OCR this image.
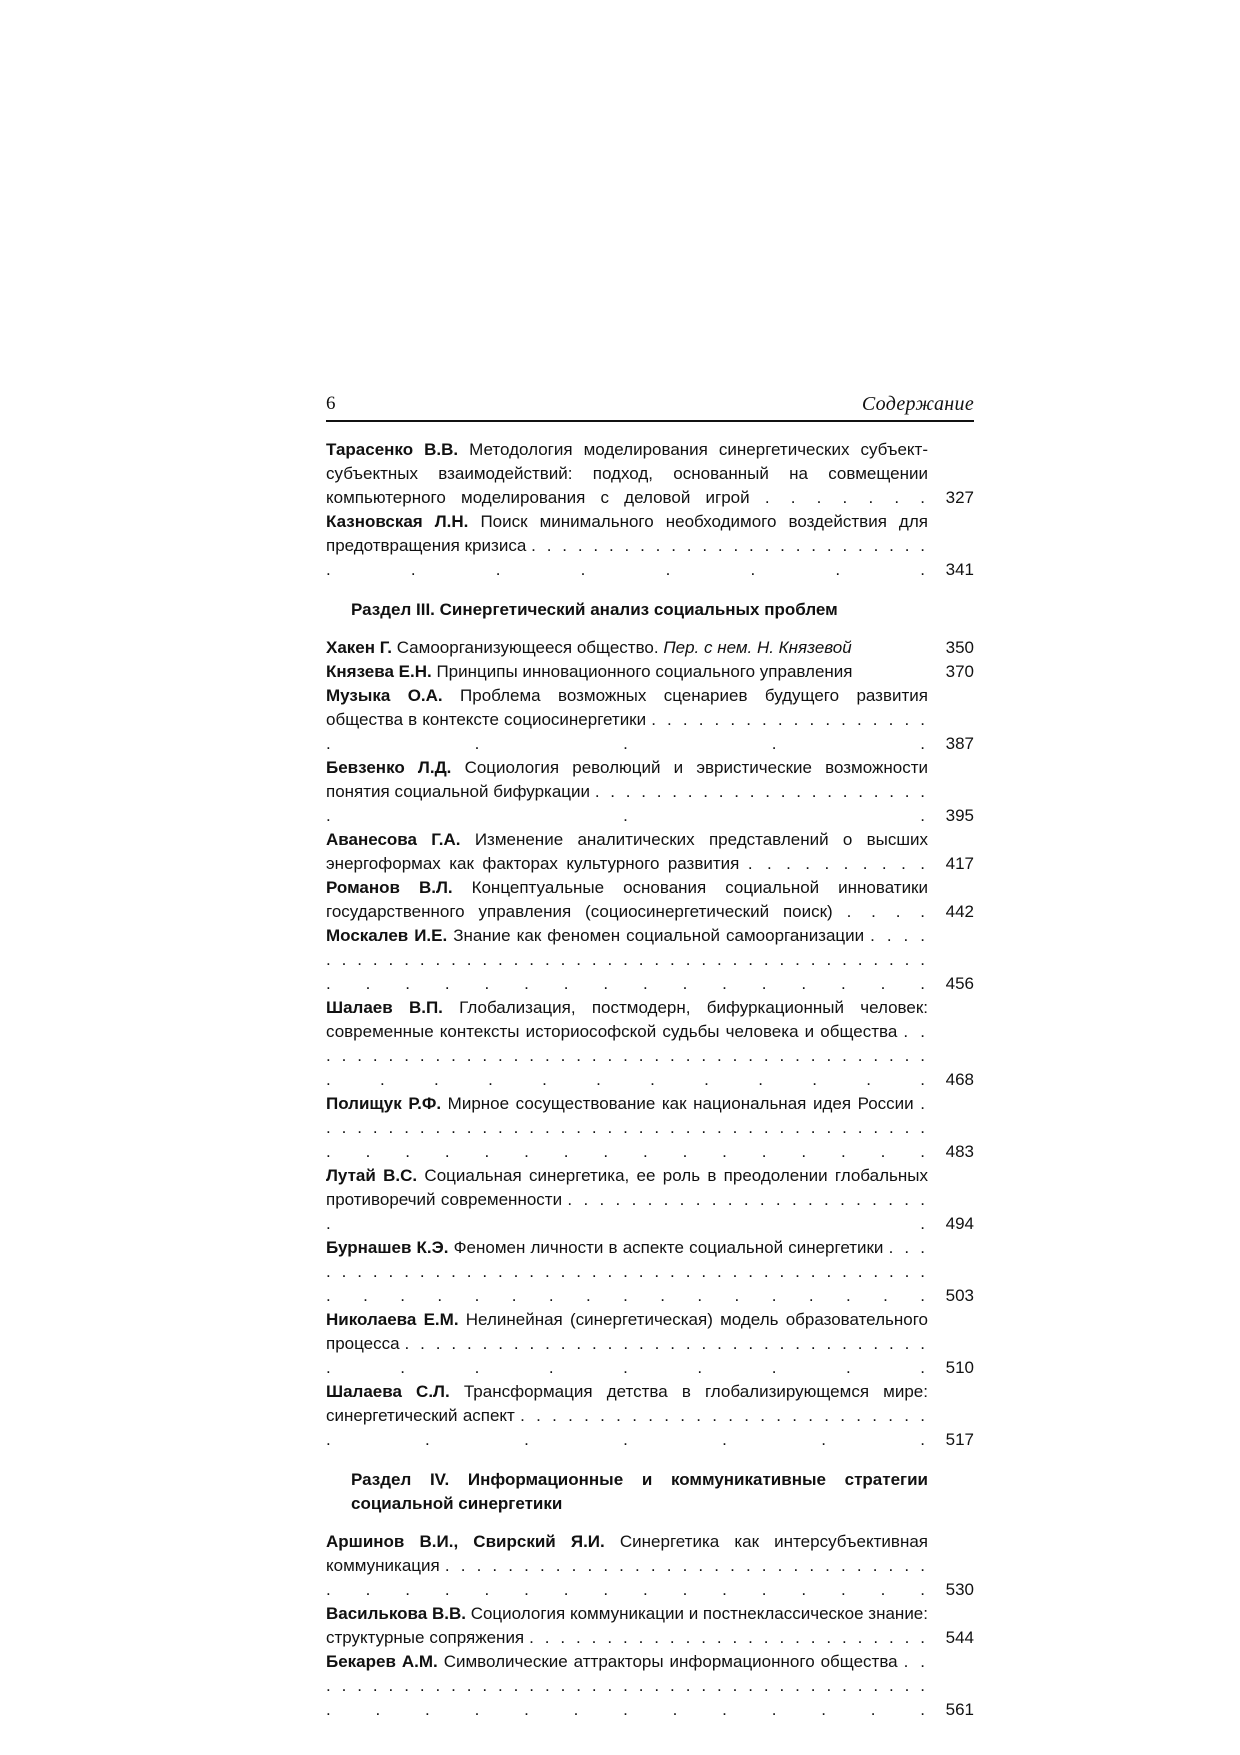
6	Содержание
Тарасенко В.В. Методология моделирования синергетических субъект-субъектных взаимодействий: подход, основанный на совмещении компьютерного моделирования с деловой игрой . . . . . . . 327
Казновская Л.Н. Поиск минимального необходимого воздействия для предотвращения кризиса . . . . . . . . . . . . . . . . . . . . . . . . . . . . . . . . . . 341
Раздел III. Синергетический анализ социальных проблем
Хакен Г. Самоорганизующееся общество. Пер. с нем. Н. Князевой	350
Князева Е.Н. Принципы инновационного социального управления	370
Музыка О.А. Проблема возможных сценариев будущего развития общества в контексте социосинергетики . . . . . . . . . . . . . . . . . . . . . . . 387
Бевзенко Л.Д. Социология революций и эвристические возможности понятия социальной бифуркации . . . . . . . . . . . . . . . . . . . . . . . . . 395
Аванесова Г.А. Изменение аналитических представлений о высших энергоформах как факторах культурного развития . . . . . . . . . . 417
Романов В.Л. Концептуальные основания социальной инноватики государственного управления (социосинергетический поиск) . . . . 442
Москалев И.Е. Знание как феномен социальной самоорганизации . . . . . . . . . . . . . . . . . . . . . . . . . . . . . . . . . . . . . . . . . . . . . . . . . . . . . . . . . . . 456
Шалаев В.П. Глобализация, постмодерн, бифуркационный человек: современные контексты историософской судьбы человека и общества . . . . . . . . . . . . . . . . . . . . . . . . . . . . . . . . . . . . . . . . . . . . . . . . . . . . . 468
Полищук Р.Ф. Мирное сосуществование как национальная идея России . . . . . . . . . . . . . . . . . . . . . . . . . . . . . . . . . . . . . . . . . . . . . . . . . . . . . . . . 483
Лутай В.С. Социальная синергетика, ее роль в преодолении глобальных противоречий современности . . . . . . . . . . . . . . . . . . . . . . . . . 494
Бурнашев К.Э. Феномен личности в аспекте социальной синергетики . . . . . . . . . . . . . . . . . . . . . . . . . . . . . . . . . . . . . . . . . . . . . . . . . . . . . . . . . . . 503
Николаева Е.М. Нелинейная (синергетическая) модель образовательного процесса . . . . . . . . . . . . . . . . . . . . . . . . . . . . . . . . . . . . . . . . . . . 510
Шалаева С.Л. Трансформация детства в глобализирующемся мире: синергетический аспект . . . . . . . . . . . . . . . . . . . . . . . . . . . . . . . . . 517
Раздел IV. Информационные и коммуникативные стратегии социальной синергетики
Аршинов В.И., Свирский Я.И. Синергетика как интерсубъективная коммуникация . . . . . . . . . . . . . . . . . . . . . . . . . . . . . . . . . . . . . . . . . . . . . . . 530
Василькова В.В. Социология коммуникации и постнеклассическое знание: структурные сопряжения . . . . . . . . . . . . . . . . . . . . . . . . . . 544
Бекарев А.М. Символические аттракторы информационного общества . . . . . . . . . . . . . . . . . . . . . . . . . . . . . . . . . . . . . . . . . . . . . . . . . . . . . . 561
